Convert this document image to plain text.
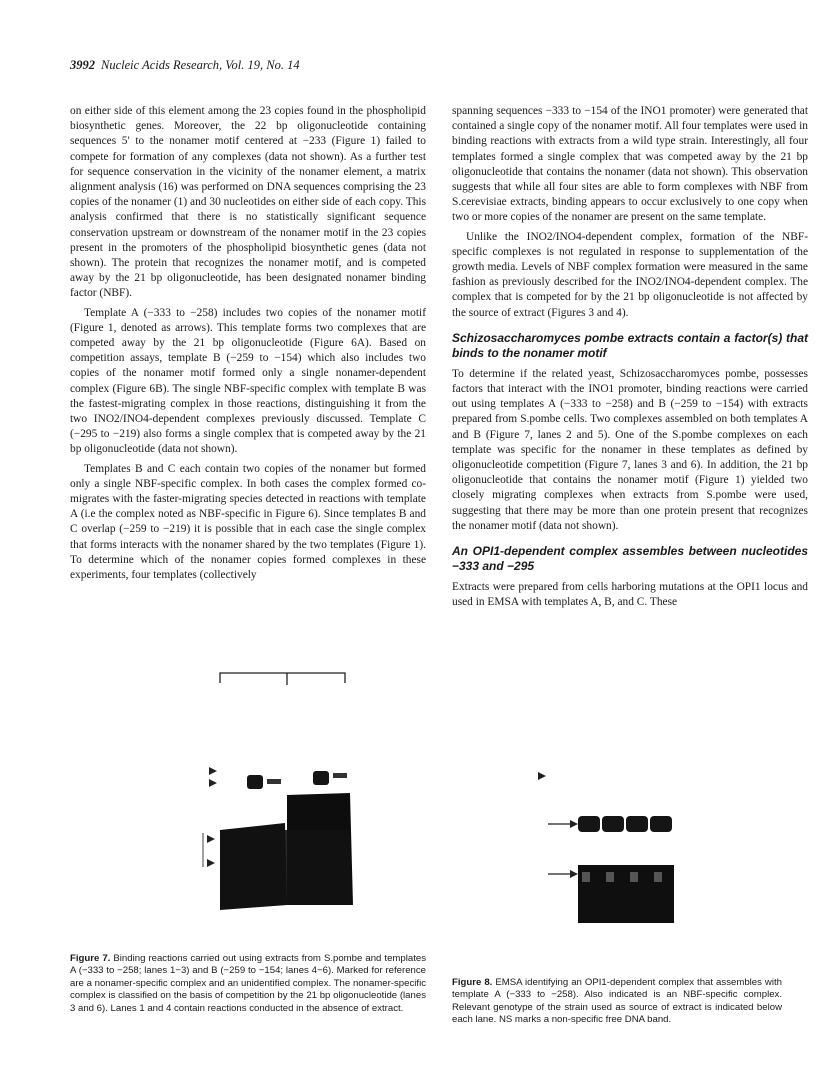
3992 Nucleic Acids Research, Vol. 19, No. 14

on either side of this element among the 23 copies found in the phospholipid biosynthetic genes. Moreover, the 22 bp oligonucleotide containing sequences 5′ to the nonamer motif centered at −233 (Figure 1) failed to compete for formation of any complexes (data not shown). As a further test for sequence conservation in the vicinity of the nonamer element, a matrix alignment analysis (16) was performed on DNA sequences comprising the 23 copies of the nonamer (1) and 30 nucleotides on either side of each copy. This analysis confirmed that there is no statistically significant sequence conservation upstream or downstream of the nonamer motif in the 23 copies present in the promoters of the phospholipid biosynthetic genes (data not shown). The protein that recognizes the nonamer motif, and is competed away by the 21 bp oligonucleotide, has been designated nonamer binding factor (NBF).

Template A (−333 to −258) includes two copies of the nonamer motif (Figure 1, denoted as arrows). This template forms two complexes that are competed away by the 21 bp oligonucleotide (Figure 6A). Based on competition assays, template B (−259 to −154) which also includes two copies of the nonamer motif formed only a single nonamer-dependent complex (Figure 6B). The single NBF-specific complex with template B was the fastest-migrating complex in those reactions, distinguishing it from the two INO2/INO4-dependent complexes previously discussed. Template C (−295 to −219) also forms a single complex that is competed away by the 21 bp oligonucleotide (data not shown).

Templates B and C each contain two copies of the nonamer but formed only a single NBF-specific complex. In both cases the complex formed co-migrates with the faster-migrating species detected in reactions with template A (i.e the complex noted as NBF-specific in Figure 6). Since templates B and C overlap (−259 to −219) it is possible that in each case the single complex that forms interacts with the nonamer shared by the two templates (Figure 1). To determine which of the nonamer copies formed complexes in these experiments, four templates (collectively

spanning sequences −333 to −154 of the INO1 promoter) were generated that contained a single copy of the nonamer motif. All four templates were used in binding reactions with extracts from a wild type strain. Interestingly, all four templates formed a single complex that was competed away by the 21 bp oligonucleotide that contains the nonamer (data not shown). This observation suggests that while all four sites are able to form complexes with NBF from S.cerevisiae extracts, binding appears to occur exclusively to one copy when two or more copies of the nonamer are present on the same template.

Unlike the INO2/INO4-dependent complex, formation of the NBF-specific complexes is not regulated in response to supplementation of the growth media. Levels of NBF complex formation were measured in the same fashion as previously described for the INO2/INO4-dependent complex. The complex that is competed for by the 21 bp oligonucleotide is not affected by the source of extract (Figures 3 and 4).

Schizosaccharomyces pombe extracts contain a factor(s) that binds to the nonamer motif

To determine if the related yeast, Schizosaccharomyces pombe, possesses factors that interact with the INO1 promoter, binding reactions were carried out using templates A (−333 to −258) and B (−259 to −154) with extracts prepared from S.pombe cells. Two complexes assembled on both templates A and B (Figure 7, lanes 2 and 5). One of the S.pombe complexes on each template was specific for the nonamer in these templates as defined by oligonucleotide competition (Figure 7, lanes 3 and 6). In addition, the 21 bp oligonucleotide that contains the nonamer motif (Figure 1) yielded two closely migrating complexes when extracts from S.pombe were used, suggesting that there may be more than one protein present that recognizes the nonamer motif (data not shown).

An OPI1-dependent complex assembles between nucleotides −333 and −295

Extracts were prepared from cells harboring mutations at the OPI1 locus and used in EMSA with templates A, B, and C. These

Figure 7. Binding reactions carried out using extracts from S.pombe and templates A (−333 to −258; lanes 1−3) and B (−259 to −154; lanes 4−6). Marked for reference are a nonamer-specific complex and an unidentified complex. The nonamer-specific complex is classified on the basis of competition by the 21 bp oligonucleotide (lanes 3 and 6). Lanes 1 and 4 contain reactions conducted in the absence of extract.
Figure 8. EMSA identifying an OPI1-dependent complex that assembles with template A (−333 to −258). Also indicated is an NBF-specific complex. Relevant genotype of the strain used as source of extract is indicated below each lane. NS marks a non-specific free DNA band.
